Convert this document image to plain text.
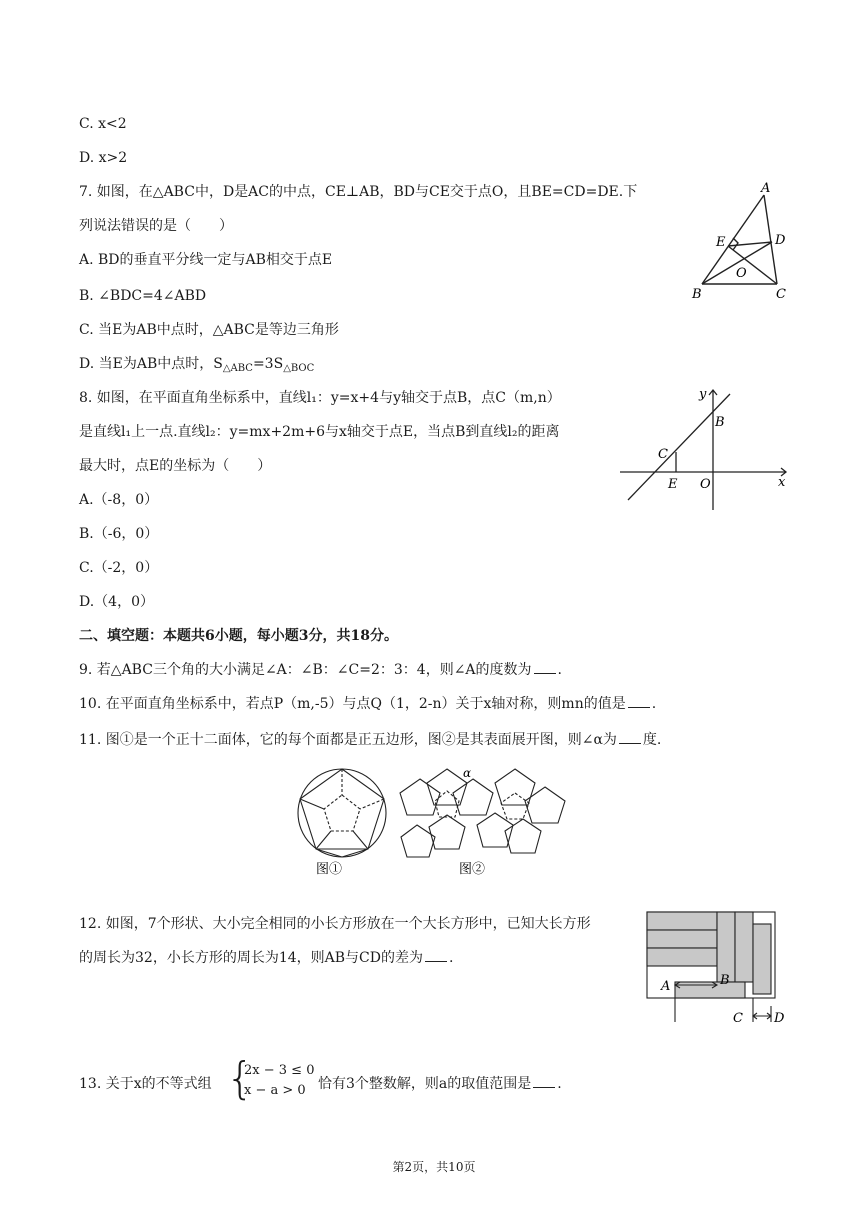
C. x<2
D. x>2
7. 如图，在△ABC中，D是AC的中点，CE⊥AB，BD与CE交于点O，且BE=CD=DE.下
列说法错误的是（　　）
A. BD的垂直平分线一定与AB相交于点E
B. ∠BDC=4∠ABD
C. 当E为AB中点时，△ABC是等边三角形
D. 当E为AB中点时，$S_{\triangle ABC}=3S_{\triangle BOC}$
A
B	C
D
E
O
8. 如图，在平面直角坐标系中，直线l₁：y=x+4与y轴交于点B，点C（m,n）
是直线l₁上一点.直线l₂：y=mx+2m+6与x轴交于点E，当点B到直线l₂的距离
最大时，点E的坐标为（　　）
A.（-8，0）
B.（-6，0）
C.（-2，0）
D.（4，0）
y
x
B
C
E O
二、填空题：本题共6小题，每小题3分，共18分。
9. 若△ABC三个角的大小满足∠A：∠B：∠C=2：3：4，则∠A的度数为 .
10. 在平面直角坐标系中，若点P（m,-5）与点Q（1，2-n）关于x轴对称，则mn的值是 .
11. 图①是一个正十二面体，它的每个面都是正五边形，图②是其表面展开图，则∠α为 度.
图①
α
图②
12. 如图，7个形状、大小完全相同的小长方形放在一个大长方形中，已知大长方形
的周长为32，小长方形的周长为14，则AB与CD的差为 .
A	B
C D
13. 关于x的不等式组 {
2x − 3 ≤ 0
x − a > 0 恰有3个整数解，则a的取值范围是 .
第2页，共10页
